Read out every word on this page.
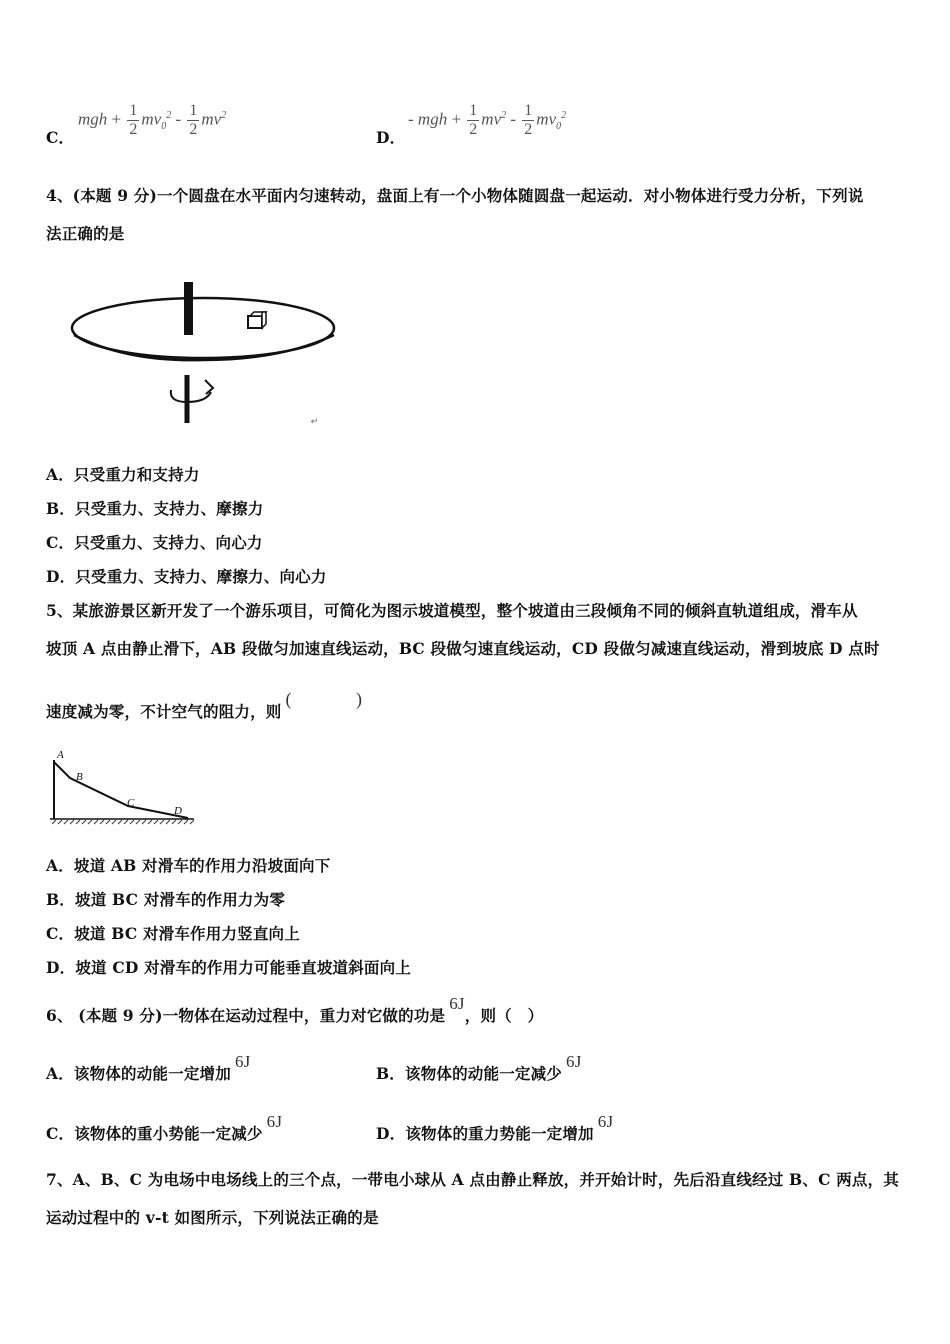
C．
mgh + $\frac{1}{2} mv_0^2 - \frac{1}{2} mv^2$
D．
- mgh + $\frac{1}{2} mv^2 - \frac{1}{2} mv_0^2$
4、(本题 9 分)一个圆盘在水平面内匀速转动，盘面上有一个小物体随圆盘一起运动．对小物体进行受力分析，下列说
法正确的是
↵
A．只受重力和支持力
B．只受重力、支持力、摩擦力
C．只受重力、支持力、向心力
D．只受重力、支持力、摩擦力、向心力
5、某旅游景区新开发了一个游乐项目，可简化为图示坡道模型，整个坡道由三段倾角不同的倾斜直轨道组成，滑车从
坡顶 A 点由静止滑下，AB 段做匀加速直线运动，BC 段做匀速直线运动，CD 段做匀减速直线运动，滑到坡底 D 点时
速度减为零，不计空气的阻力，则( )
A
B
C
D
A．坡道 AB 对滑车的作用力沿坡面向下
B．坡道 BC 对滑车的作用力为零
C．坡道 BC 对滑车作用力竖直向上
D．坡道 CD 对滑车的作用力可能垂直坡道斜面向上
6、 (本题 9 分)一物体在运动过程中，重力对它做的功是6J，则（　）
A．该物体的动能一定增加6J
B．该物体的动能一定减少6J
C．该物体的重小势能一定减少6J
D．该物体的重力势能一定增加6J
7、A、B、C 为电场中电场线上的三个点，一带电小球从 A 点由静止释放，并开始计时，先后沿直线经过 B、C 两点，其
运动过程中的 v-t 如图所示，下列说法正确的是
